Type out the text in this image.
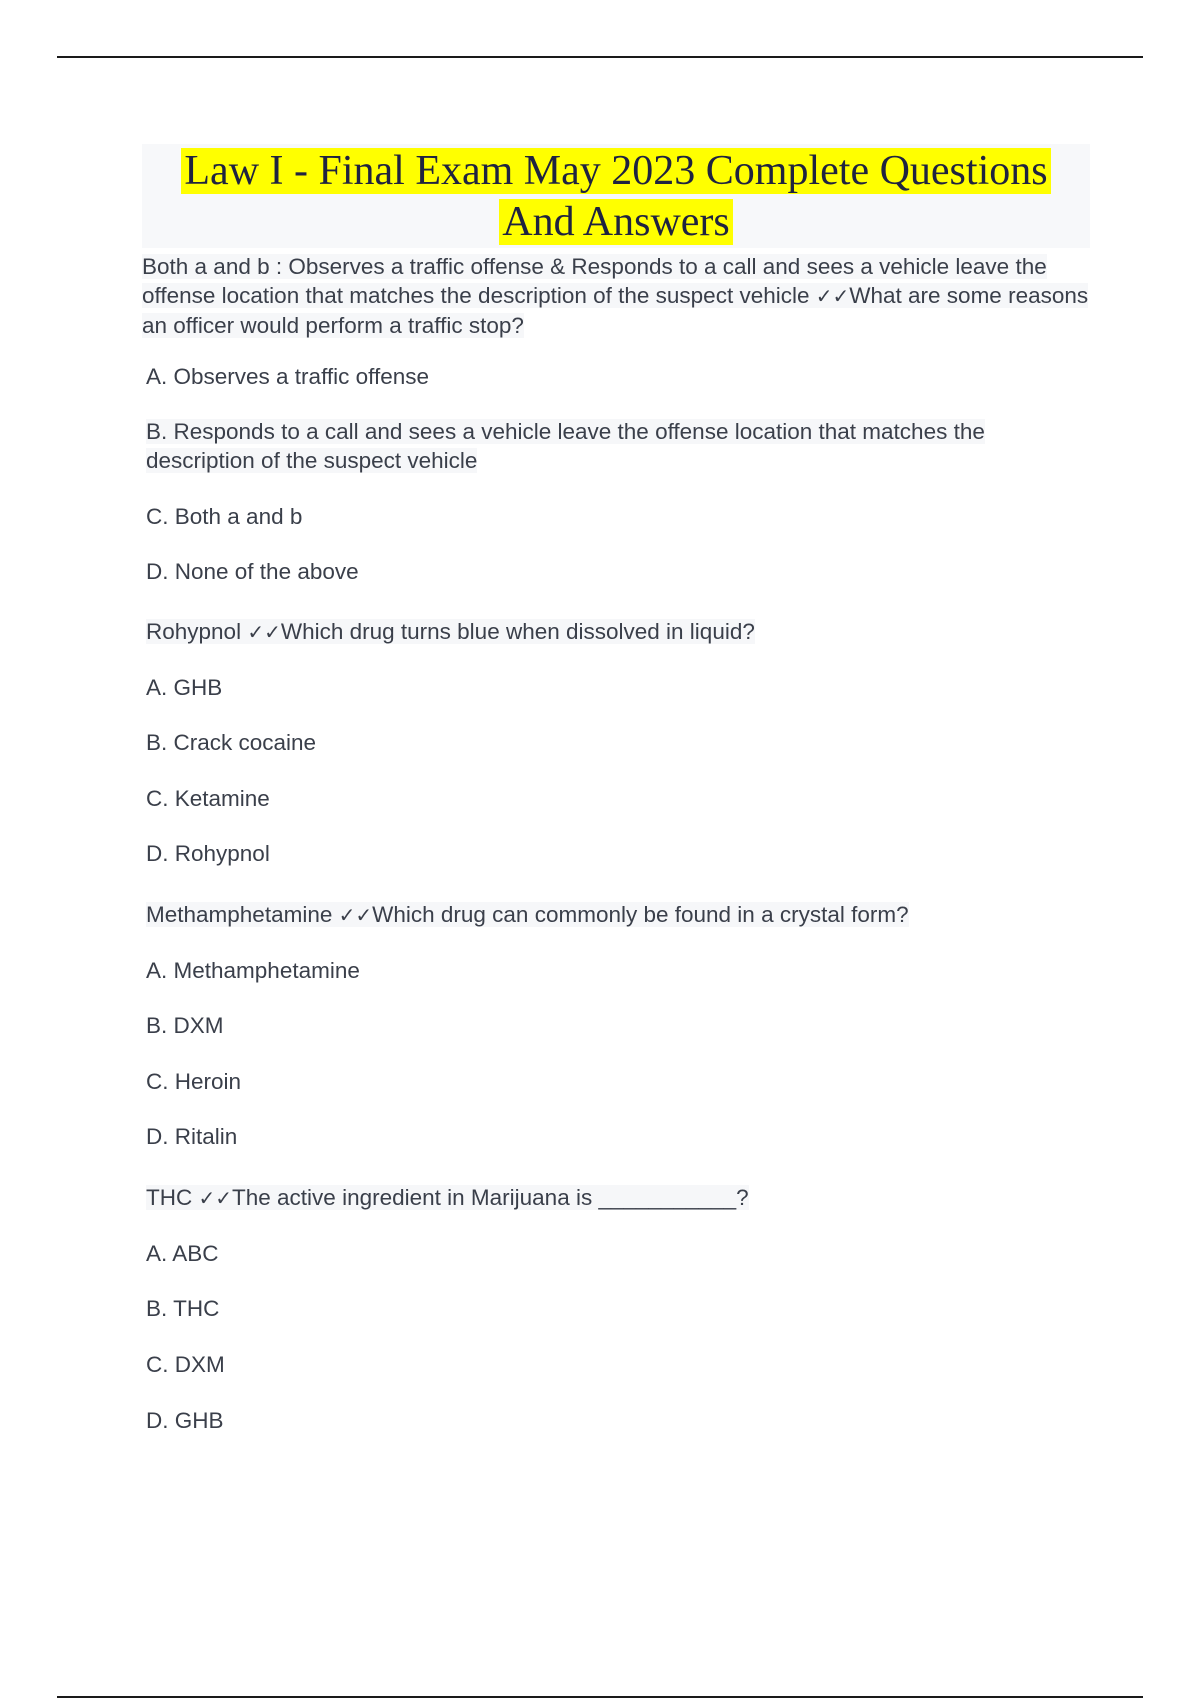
Law I - Final Exam May 2023 Complete Questions
And Answers

Both a and b : Observes a traffic offense & Responds to a call and sees a vehicle leave the offense location that matches the description of the suspect vehicle ✓✓What are some reasons an officer would perform a traffic stop?

A. Observes a traffic offense
B. Responds to a call and sees a vehicle leave the offense location that matches the description of the suspect vehicle
C. Both a and b
D. None of the above
Rohypnol ✓✓Which drug turns blue when dissolved in liquid?
A. GHB
B. Crack cocaine
C. Ketamine
D. Rohypnol
Methamphetamine ✓✓Which drug can commonly be found in a crystal form?
A. Methamphetamine
B. DXM
C. Heroin
D. Ritalin
THC ✓✓The active ingredient in Marijuana is ___________?
A. ABC
B. THC
C. DXM
D. GHB
